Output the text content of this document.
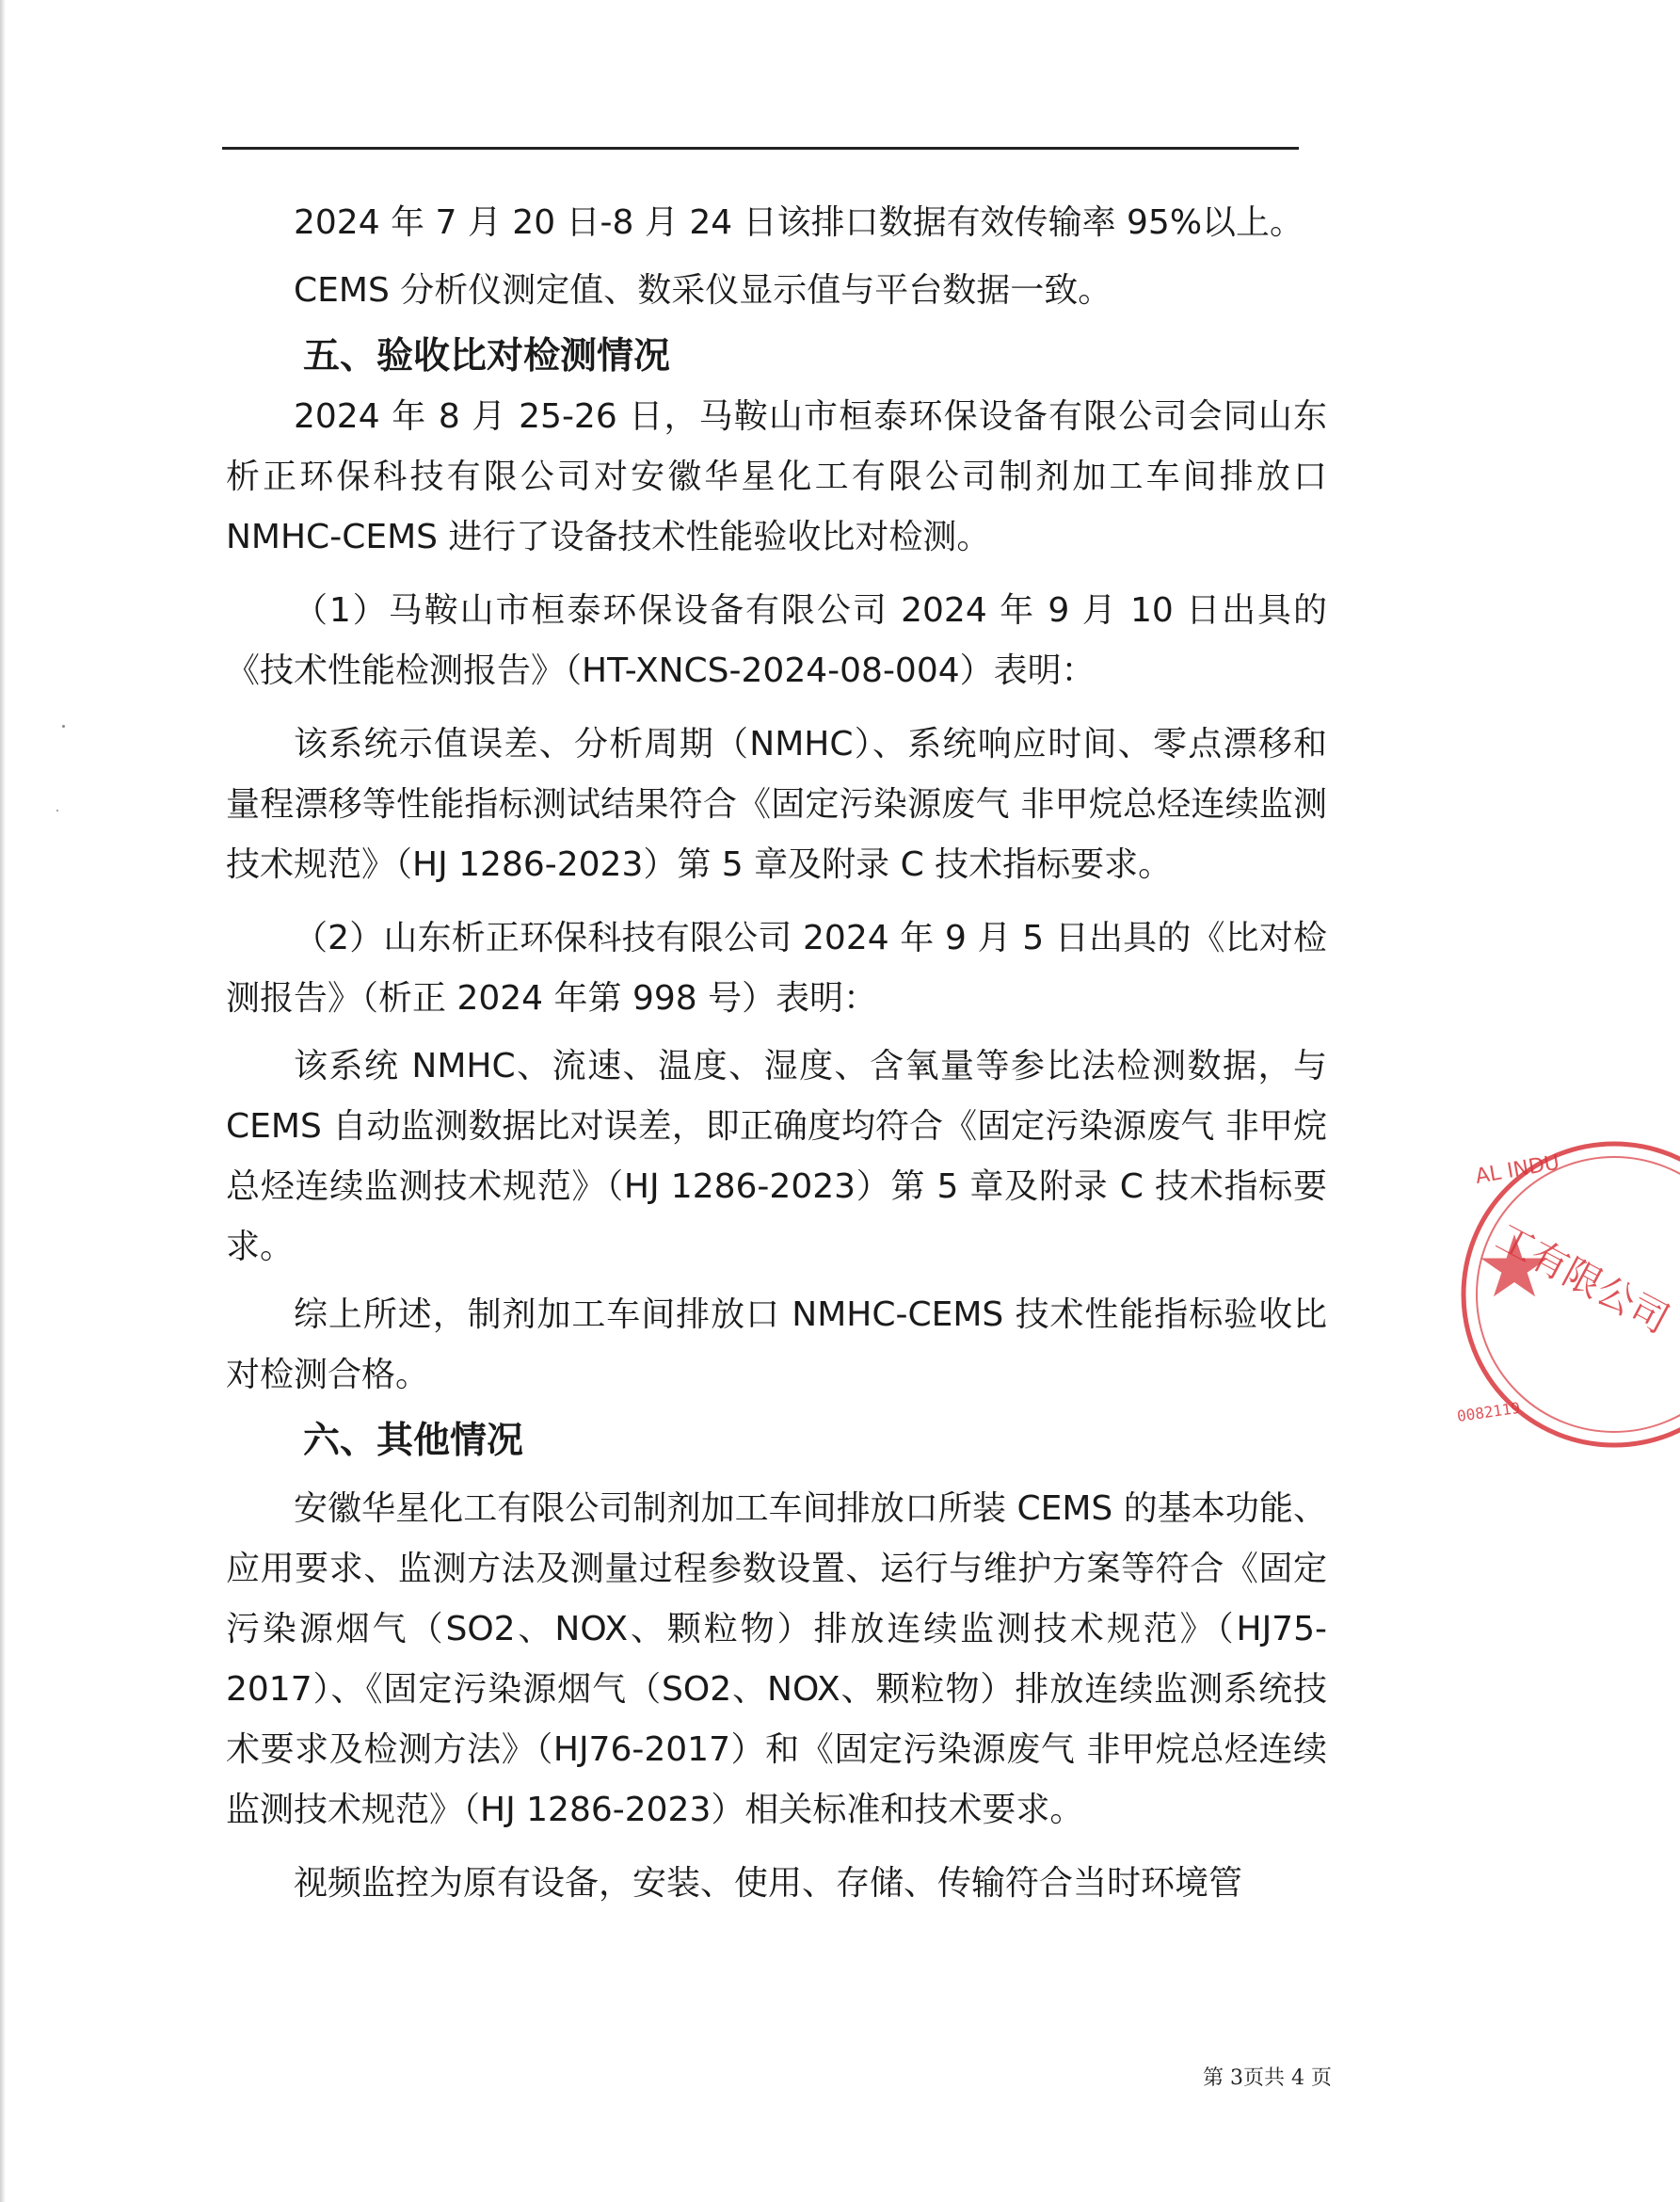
2024 年 7 月 20 日-8 月 24 日该排口数据有效传输率 95%以上。

CEMS 分析仪测定值、数采仪显示值与平台数据一致。

五、验收比对检测情况

2024 年 8 月 25-26 日，马鞍山市桓泰环保设备有限公司会同山东析正环保科技有限公司对安徽华星化工有限公司制剂加工车间排放口 NMHC-CEMS 进行了设备技术性能验收比对检测。

（1）马鞍山市桓泰环保设备有限公司 2024 年 9 月 10 日出具的《技术性能检测报告》（HT-XNCS-2024-08-004）表明：

该系统示值误差、分析周期（NMHC）、系统响应时间、零点漂移和量程漂移等性能指标测试结果符合《固定污染源废气 非甲烷总烃连续监测技术规范》（HJ 1286-2023）第 5 章及附录 C 技术指标要求。

（2）山东析正环保科技有限公司 2024 年 9 月 5 日出具的《比对检测报告》（析正 2024 年第 998 号）表明：

该系统 NMHC、流速、温度、湿度、含氧量等参比法检测数据，与 CEMS 自动监测数据比对误差，即正确度均符合《固定污染源废气 非甲烷总烃连续监测技术规范》（HJ 1286-2023）第 5 章及附录 C 技术指标要求。

综上所述，制剂加工车间排放口 NMHC-CEMS 技术性能指标验收比对检测合格。

六、其他情况

安徽华星化工有限公司制剂加工车间排放口所装 CEMS 的基本功能、应用要求、监测方法及测量过程参数设置、运行与维护方案等符合《固定污染源烟气（SO2、NOX、颗粒物）排放连续监测技术规范》（HJ75-2017）、《固定污染源烟气（SO2、NOX、颗粒物）排放连续监测系统技术要求及检测方法》（HJ76-2017）和《固定污染源废气 非甲烷总烃连续监测技术规范》（HJ 1286-2023）相关标准和技术要求。

视频监控为原有设备，安装、使用、存储、传输符合当时环境管

AL INDU
工有限公司
0082119
第 3页共 4 页
